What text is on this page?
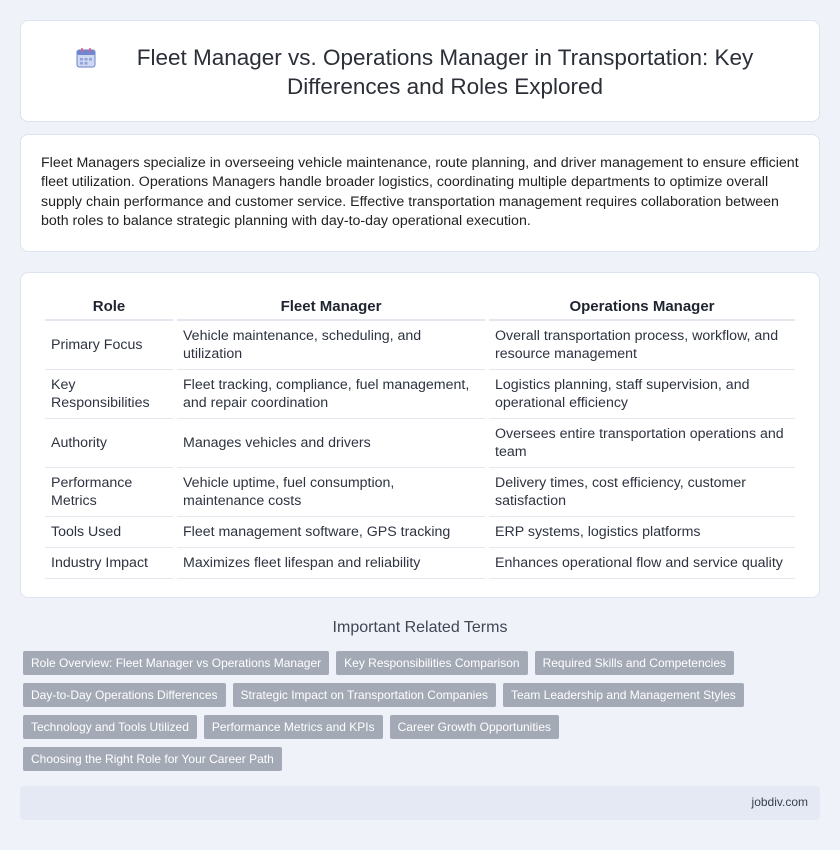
Fleet Manager vs. Operations Manager in Transportation: Key Differences and Roles Explored

Fleet Managers specialize in overseeing vehicle maintenance, route planning, and driver management to ensure efficient fleet utilization. Operations Managers handle broader logistics, coordinating multiple departments to optimize overall supply chain performance and customer service. Effective transportation management requires collaboration between both roles to balance strategic planning with day-to-day operational execution.

Role	Fleet Manager	Operations Manager
Primary Focus	Vehicle maintenance, scheduling, and utilization	Overall transportation process, workflow, and resource management
Key Responsibilities	Fleet tracking, compliance, fuel management, and repair coordination	Logistics planning, staff supervision, and operational efficiency
Authority	Manages vehicles and drivers	Oversees entire transportation operations and team
Performance Metrics	Vehicle uptime, fuel consumption, maintenance costs	Delivery times, cost efficiency, customer satisfaction
Tools Used	Fleet management software, GPS tracking	ERP systems, logistics platforms
Industry Impact	Maximizes fleet lifespan and reliability	Enhances operational flow and service quality
Important Related Terms
Role Overview: Fleet Manager vs Operations Manager	Key Responsibilities Comparison	Required Skills and Competencies
Day-to-Day Operations Differences	Strategic Impact on Transportation Companies	Team Leadership and Management Styles
Technology and Tools Utilized	Performance Metrics and KPIs	Career Growth Opportunities
Choosing the Right Role for Your Career Path
jobdiv.com
